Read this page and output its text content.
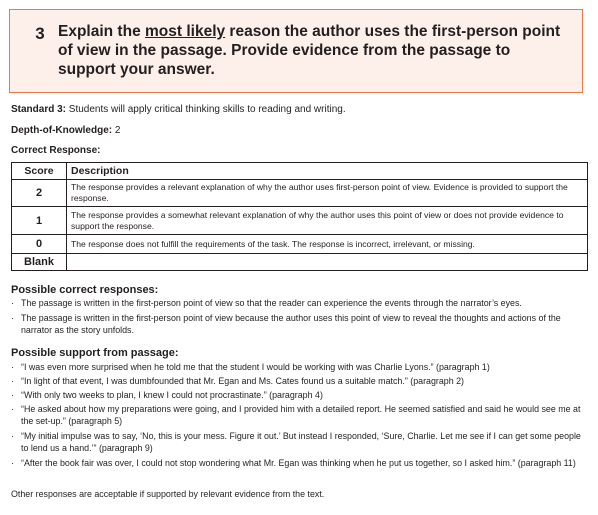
3 Explain the most likely reason the author uses the first-person point of view in the passage. Provide evidence from the passage to support your answer.
Standard 3: Students will apply critical thinking skills to reading and writing.
Depth-of-Knowledge: 2
Correct Response:
Score	Description
2	The response provides a relevant explanation of why the author uses first-person point of view. Evidence is provided to support the response.
1	The response provides a somewhat relevant explanation of why the author uses this point of view or does not provide evidence to support the response.
0	The response does not fulfill the requirements of the task. The response is incorrect, irrelevant, or missing.
Blank	
Possible correct responses:
· The passage is written in the first-person point of view so that the reader can experience the events through the narrator’s eyes.
· The passage is written in the first-person point of view because the author uses this point of view to reveal the thoughts and actions of the narrator as the story unfolds.
Possible support from passage:
· “I was even more surprised when he told me that the student I would be working with was Charlie Lyons.” (paragraph 1)
· “In light of that event, I was dumbfounded that Mr. Egan and Ms. Cates found us a suitable match.” (paragraph 2)
· “With only two weeks to plan, I knew I could not procrastinate.” (paragraph 4)
· “He asked about how my preparations were going, and I provided him with a detailed report. He seemed satisfied and said he would see me at the set-up.” (paragraph 5)
· “My initial impulse was to say, ‘No, this is your mess. Figure it out.’ But instead I responded, ‘Sure, Charlie. Let me see if I can get some people to lend us a hand.’” (paragraph 9)
· “After the book fair was over, I could not stop wondering what Mr. Egan was thinking when he put us together, so I asked him.” (paragraph 11)
Other responses are acceptable if supported by relevant evidence from the text.
